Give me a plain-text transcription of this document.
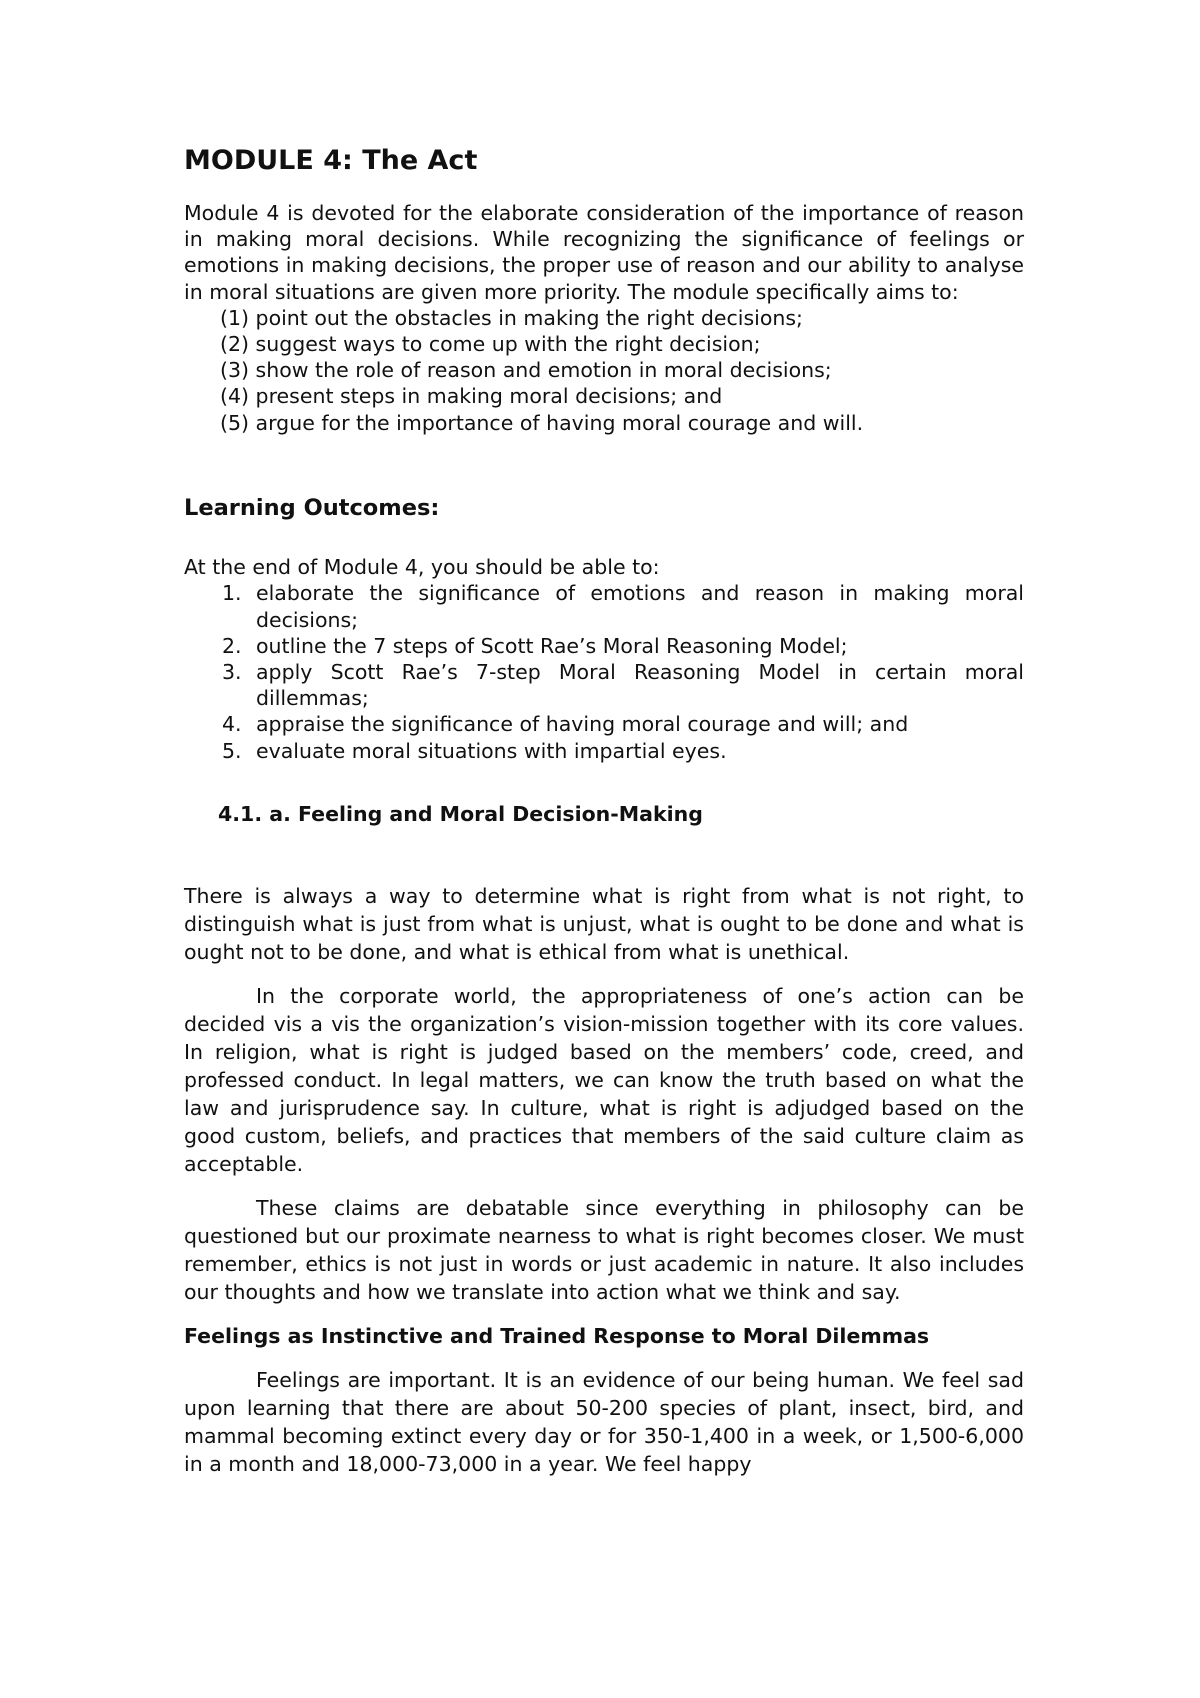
MODULE 4: The Act

Module 4 is devoted for the elaborate consideration of the importance of reason in making moral decisions. While recognizing the significance of feelings or emotions in making decisions, the proper use of reason and our ability to analyse in moral situations are given more priority. The module specifically aims to:

(1) point out the obstacles in making the right decisions;
(2) suggest ways to come up with the right decision;
(3) show the role of reason and emotion in moral decisions;
(4) present steps in making moral decisions; and
(5) argue for the importance of having moral courage and will.
Learning Outcomes:

At the end of Module 4, you should be able to:

1. elaborate the significance of emotions and reason in making moral decisions;
2. outline the 7 steps of Scott Rae’s Moral Reasoning Model;
3. apply Scott Rae’s 7-step Moral Reasoning Model in certain moral dillemmas;
4. appraise the significance of having moral courage and will; and
5. evaluate moral situations with impartial eyes.
4.1. a. Feeling and Moral Decision-Making

There is always a way to determine what is right from what is not right, to distinguish what is just from what is unjust, what is ought to be done and what is ought not to be done, and what is ethical from what is unethical.

In the corporate world, the appropriateness of one’s action can be decided vis a vis the organization’s vision-mission together with its core values. In religion, what is right is judged based on the members’ code, creed, and professed conduct. In legal matters, we can know the truth based on what the law and jurisprudence say. In culture, what is right is adjudged based on the good custom, beliefs, and practices that members of the said culture claim as acceptable.

These claims are debatable since everything in philosophy can be questioned but our proximate nearness to what is right becomes closer. We must remember, ethics is not just in words or just academic in nature. It also includes our thoughts and how we translate into action what we think and say.

Feelings as Instinctive and Trained Response to Moral Dilemmas

Feelings are important. It is an evidence of our being human. We feel sad upon learning that there are about 50-200 species of plant, insect, bird, and mammal becoming extinct every day or for 350-1,400 in a week, or 1,500-6,000 in a month and 18,000-73,000 in a year. We feel happy
